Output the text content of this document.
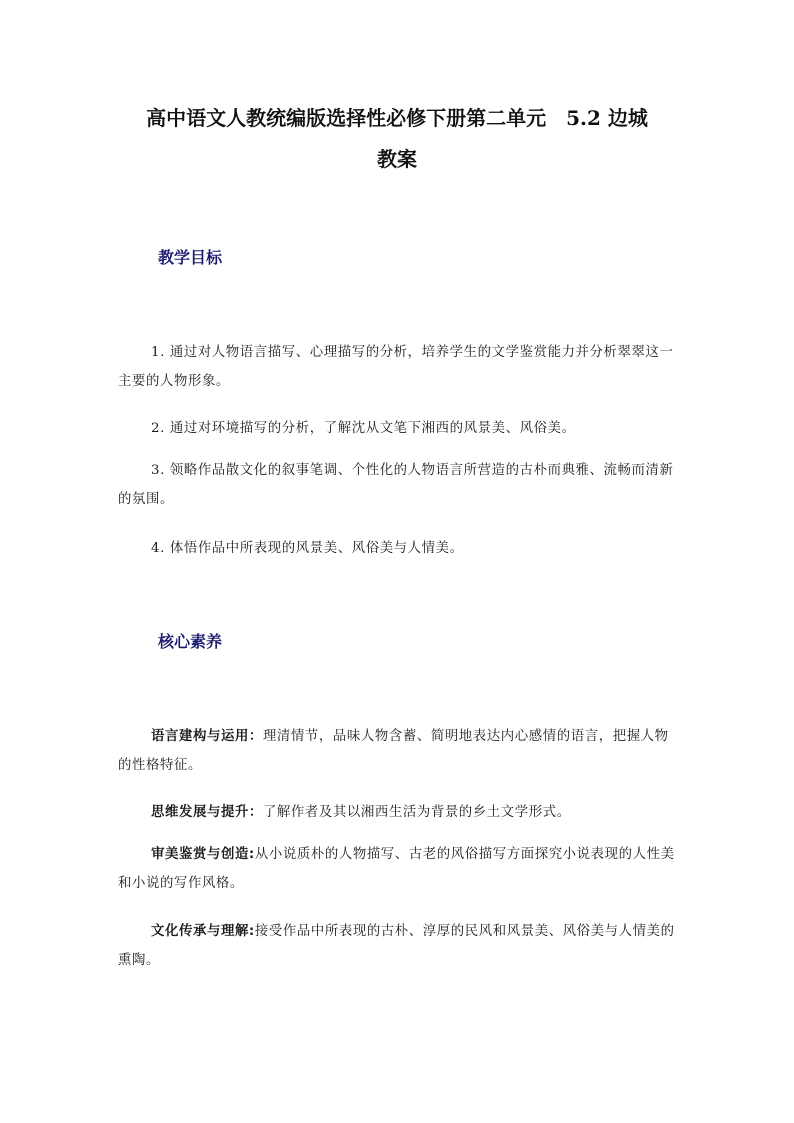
高中语文人教统编版选择性必修下册第二单元　5.2 边城
教案
教学目标
1. 通过对人物语言描写、心理描写的分析，培养学生的文学鉴赏能力并分析翠翠这一主要的人物形象。
2. 通过对环境描写的分析，了解沈从文笔下湘西的风景美、风俗美。
3. 领略作品散文化的叙事笔调、个性化的人物语言所营造的古朴而典雅、流畅而清新的氛围。
4. 体悟作品中所表现的风景美、风俗美与人情美。
核心素养
语言建构与运用：理清情节，品味人物含蓄、简明地表达内心感情的语言，把握人物的性格特征。
思维发展与提升：了解作者及其以湘西生活为背景的乡土文学形式。
审美鉴赏与创造:从小说质朴的人物描写、古老的风俗描写方面探究小说表现的人性美和小说的写作风格。
文化传承与理解:接受作品中所表现的古朴、淳厚的民风和风景美、风俗美与人情美的熏陶。
